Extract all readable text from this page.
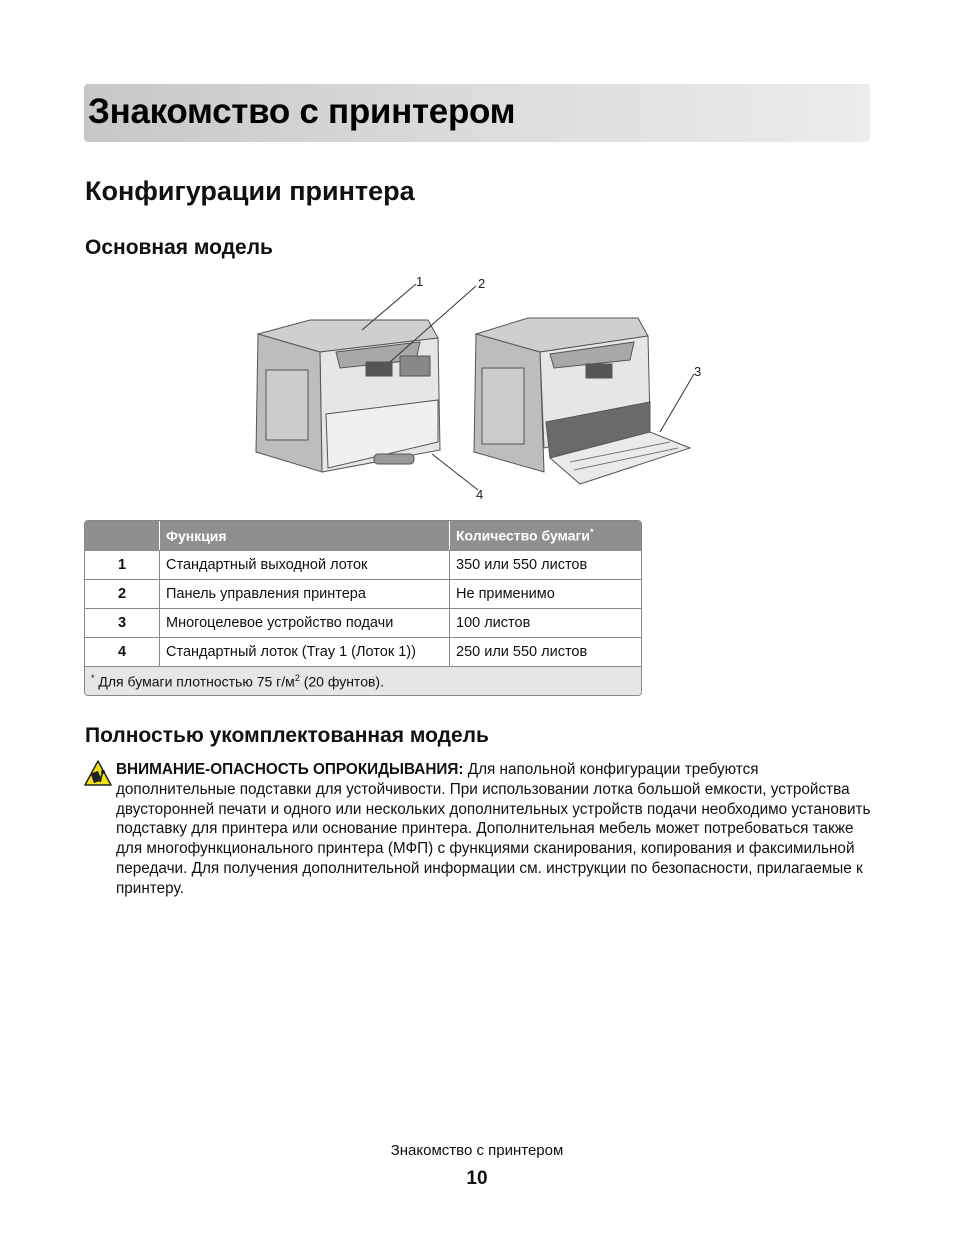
Знакомство с принтером
Конфигурации принтера
Основная модель
1	2
3
4
	Функция	Количество бумаги*
1	Стандартный выходной лоток	350 или 550 листов
2	Панель управления принтера	Не применимо
3	Многоцелевое устройство подачи	100 листов
4	Стандартный лоток (Tray 1 (Лоток 1))	250 или 550 листов
* Для бумаги плотностью 75 $г/м^2$ (20 фунтов).		
Полностью укомплектованная модель

ВНИМАНИЕ-ОПАСНОСТЬ ОПРОКИДЫВАНИЯ: Для напольной конфигурации требуются дополнительные подставки для устойчивости. При использовании лотка большой емкости, устройства двусторонней печати и одного или нескольких дополнительных устройств подачи необходимо установить подставку для принтера или основание принтера. Дополнительная мебель может потребоваться также для многофункционального принтера (МФП) с функциями сканирования, копирования и факсимильной передачи. Для получения дополнительной информации см. инструкции по безопасности, прилагаемые к принтеру.

Знакомство с принтером
10
